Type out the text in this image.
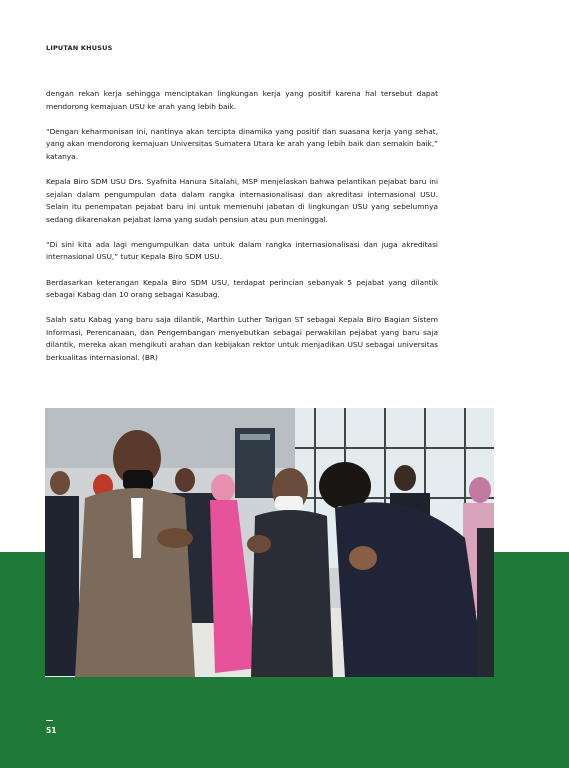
LIPUTAN KHUSUS

dengan rekan kerja sehingga menciptakan lingkungan kerja yang positif karena hal tersebut dapat mendorong kemajuan USU ke arah yang lebih baik.

“Dengan keharmonisan ini, nantinya akan tercipta dinamika yang positif dan suasana kerja yang sehat, yang akan mendorong kemajuan Universitas Sumatera Utara ke arah yang lebih baik dan semakin baik,” katanya.

Kepala Biro SDM USU Drs. Syafnita Hanura Sitalahi, MSP menjelaskan bahwa pelantikan pejabat baru ini sejalan dalam pengumpulan data dalam rangka internasionalisasi dan akreditasi internasional USU. Selain itu penempatan pejabat baru ini untuk memenuhi jabatan di lingkungan USU yang sebelumnya sedang dikarenakan pejabat lama yang sudah pensiun atau pun meninggal.

“Di sini kita ada lagi mengumpulkan data untuk dalam rangka internasionalisasi dan juga akreditasi internasional USU,” tutur Kepala Biro SDM USU.

Berdasarkan keterangan Kepala Biro SDM USU, terdapat perincian sebanyak 5 pejabat yang dilantik sebagai Kabag dan 10 orang sebagai Kasubag.

Salah satu Kabag yang baru saja dilantik, Marthin Luther Tarigan ST sebagai Kepala Biro Bagian Sistem Informasi, Perencanaan, dan Pengembangan menyebutkan sebagai perwakilan pejabat yang baru saja dilantik, mereka akan mengikuti arahan dan kebijakan rektor untuk menjadikan USU sebagai universitas berkualitas internasional. (BR)

51
